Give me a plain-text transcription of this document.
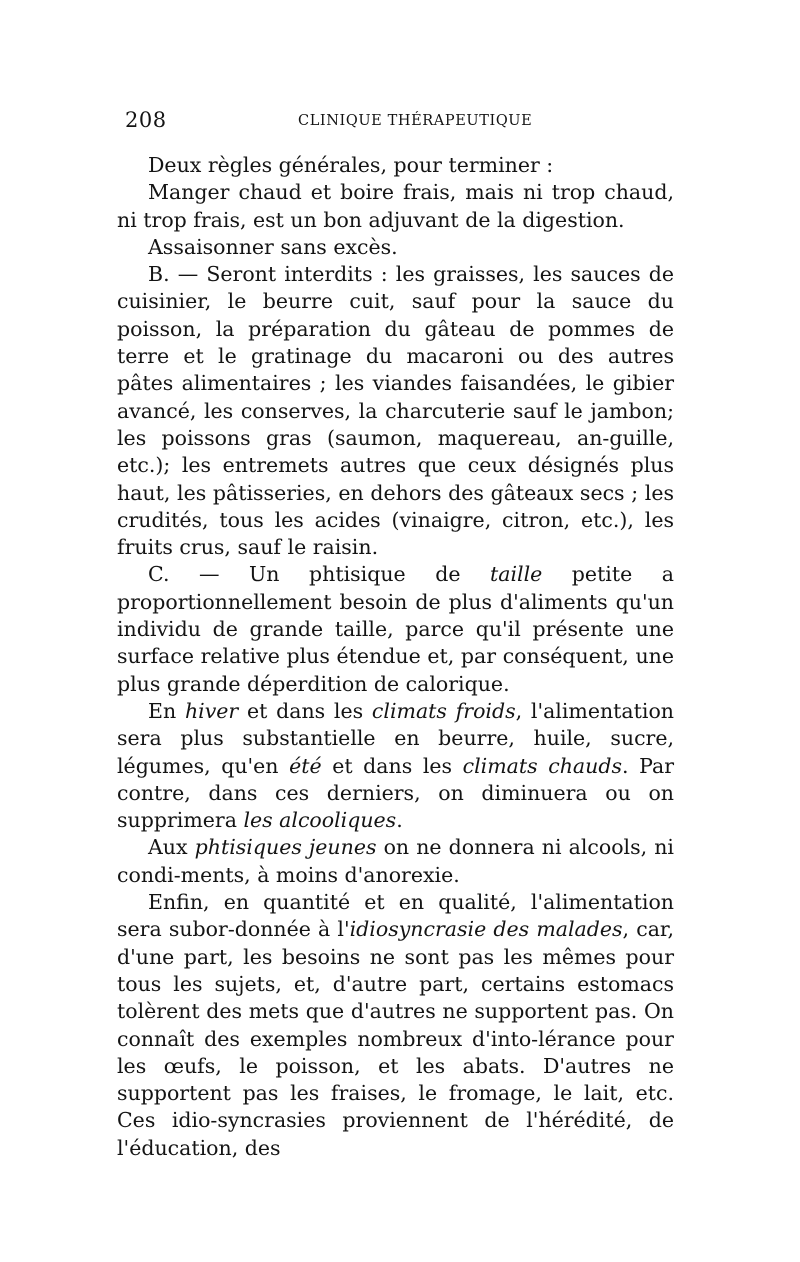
208	CLINIQUE THÉRAPEUTIQUE

Deux règles générales, pour terminer :

Manger chaud et boire frais, mais ni trop chaud, ni trop frais, est un bon adjuvant de la digestion.

Assaisonner sans excès.

B. — Seront interdits : les graisses, les sauces de cuisinier, le beurre cuit, sauf pour la sauce du poisson, la préparation du gâteau de pommes de terre et le gratinage du macaroni ou des autres pâtes alimentaires ; les viandes faisandées, le gibier avancé, les conserves, la charcuterie sauf le jambon; les poissons gras (saumon, maquereau, an-guille, etc.); les entremets autres que ceux désignés plus haut, les pâtisseries, en dehors des gâteaux secs ; les crudités, tous les acides (vinaigre, citron, etc.), les fruits crus, sauf le raisin.

C. — Un phtisique de taille petite a proportionnellement besoin de plus d'aliments qu'un individu de grande taille, parce qu'il présente une surface relative plus étendue et, par conséquent, une plus grande déperdition de calorique.

En hiver et dans les climats froids, l'alimentation sera plus substantielle en beurre, huile, sucre, légumes, qu'en été et dans les climats chauds. Par contre, dans ces derniers, on diminuera ou on supprimera les alcooliques.

Aux phtisiques jeunes on ne donnera ni alcools, ni condi-ments, à moins d'anorexie.

Enfin, en quantité et en qualité, l'alimentation sera subor-donnée à l'idiosyncrasie des malades, car, d'une part, les besoins ne sont pas les mêmes pour tous les sujets, et, d'autre part, certains estomacs tolèrent des mets que d'autres ne supportent pas. On connaît des exemples nombreux d'into-lérance pour les œufs, le poisson, et les abats. D'autres ne supportent pas les fraises, le fromage, le lait, etc. Ces idio-syncrasies proviennent de l'hérédité, de l'éducation, des
